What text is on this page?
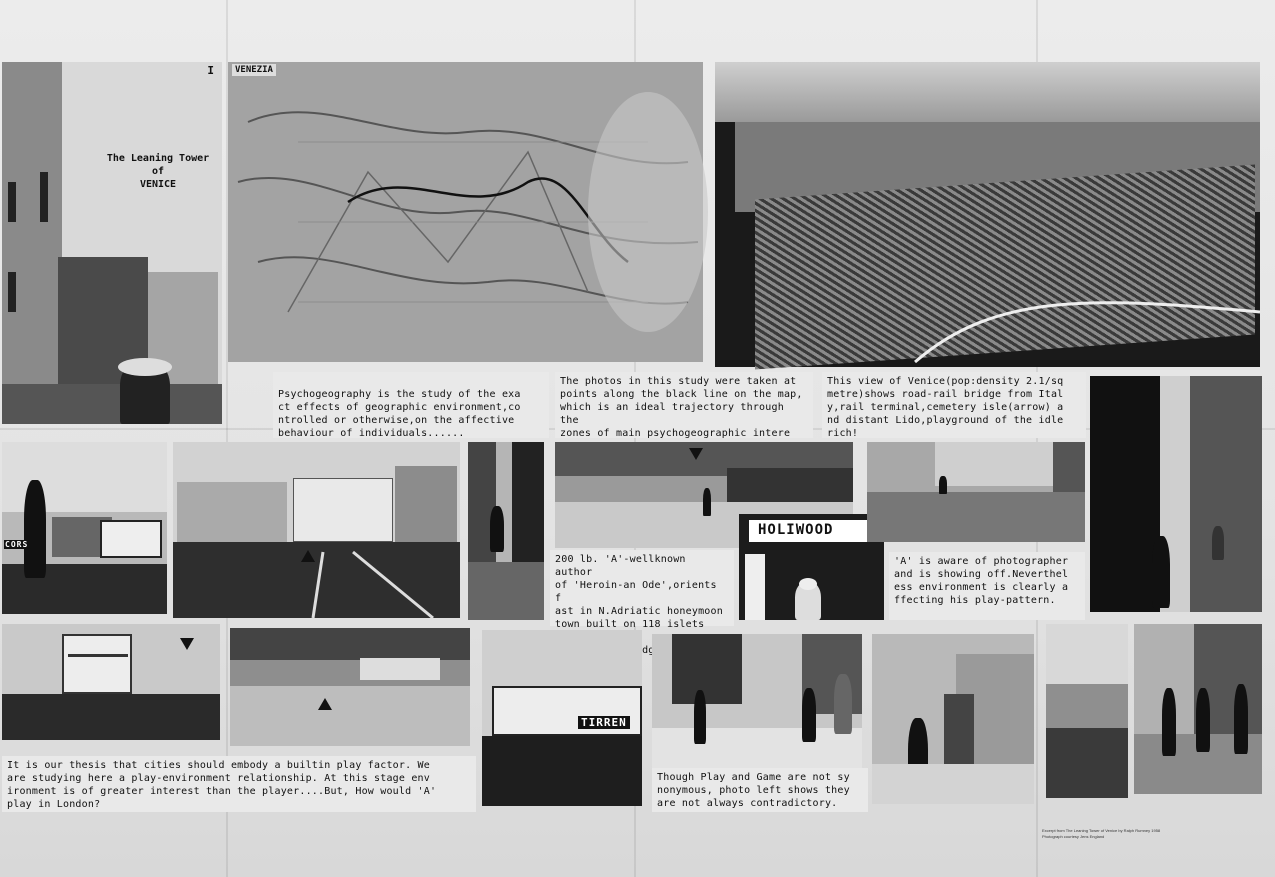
I
The Leaning Tower
of
VENICE
VENEZIA

Psychogeography is the study of the exa
ct effects of geographic environment,co
ntrolled or otherwise,on the affective
behaviour of individuals......

The photos in this study were taken at
points along the black line on the map,
which is an ideal trajectory through the
zones of main psychogeographic intere

This view of Venice(pop:density 2.1/sq
metre)shows road-rail bridge from Ital
y,rail terminal,cemetery isle(arrow) a
nd distant Lido,playground of the idle
rich!
CORS
200 lb. 'A'-wellknown author
of 'Heroin-an Ode',orients f
ast in N.Adriatic honeymoon
town built on 118 islets
bridges.
HOLIWOOD
'A' is aware of photographer
and is showing off.Neverthel
ess environment is clearly a
ffecting his play-pattern.
It is our thesis that cities should embody a builtin play factor. We
are studying here a play-environment relationship. At this stage env
ironment is of greater interest than the player....But, How would 'A'
play in London?
TIRREN
Though Play and Game are not sy
nonymous, photo left shows they
are not always contradictory.
Excerpt from The Leaning Tower of Venice by Ralph Rumney 1958 Photograph courtesy Jens England
